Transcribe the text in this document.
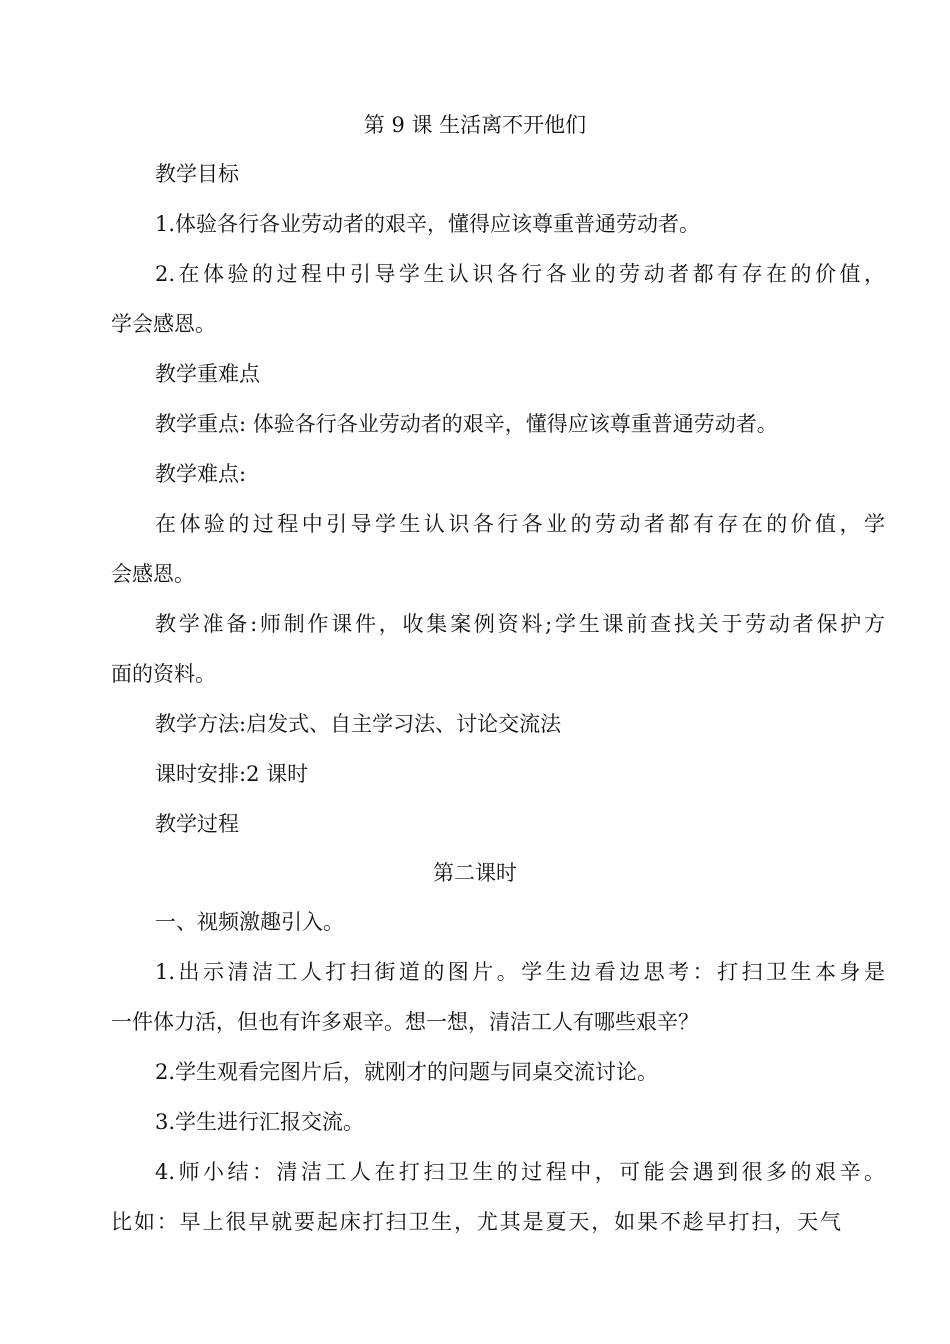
第 9 课 生活离不开他们
教学目标
1.体验各行各业劳动者的艰辛，懂得应该尊重普通劳动者。
2.在体验的过程中引导学生认识各行各业的劳动者都有存在的价值，
学会感恩。
教学重难点
教学重点: 体验各行各业劳动者的艰辛，懂得应该尊重普通劳动者。
教学难点:
在体验的过程中引导学生认识各行各业的劳动者都有存在的价值，学
会感恩。
教学准备:师制作课件，收集案例资料;学生课前查找关于劳动者保护方
面的资料。
教学方法:启发式、自主学习法、讨论交流法
课时安排:2 课时
教学过程
第二课时
一、视频激趣引入。
1.出示清洁工人打扫街道的图片。学生边看边思考：打扫卫生本身是
一件体力活，但也有许多艰辛。想一想，清洁工人有哪些艰辛？
2.学生观看完图片后，就刚才的问题与同桌交流讨论。
3.学生进行汇报交流。
4.师小结：清洁工人在打扫卫生的过程中，可能会遇到很多的艰辛。
比如：早上很早就要起床打扫卫生，尤其是夏天，如果不趁早打扫，天气
